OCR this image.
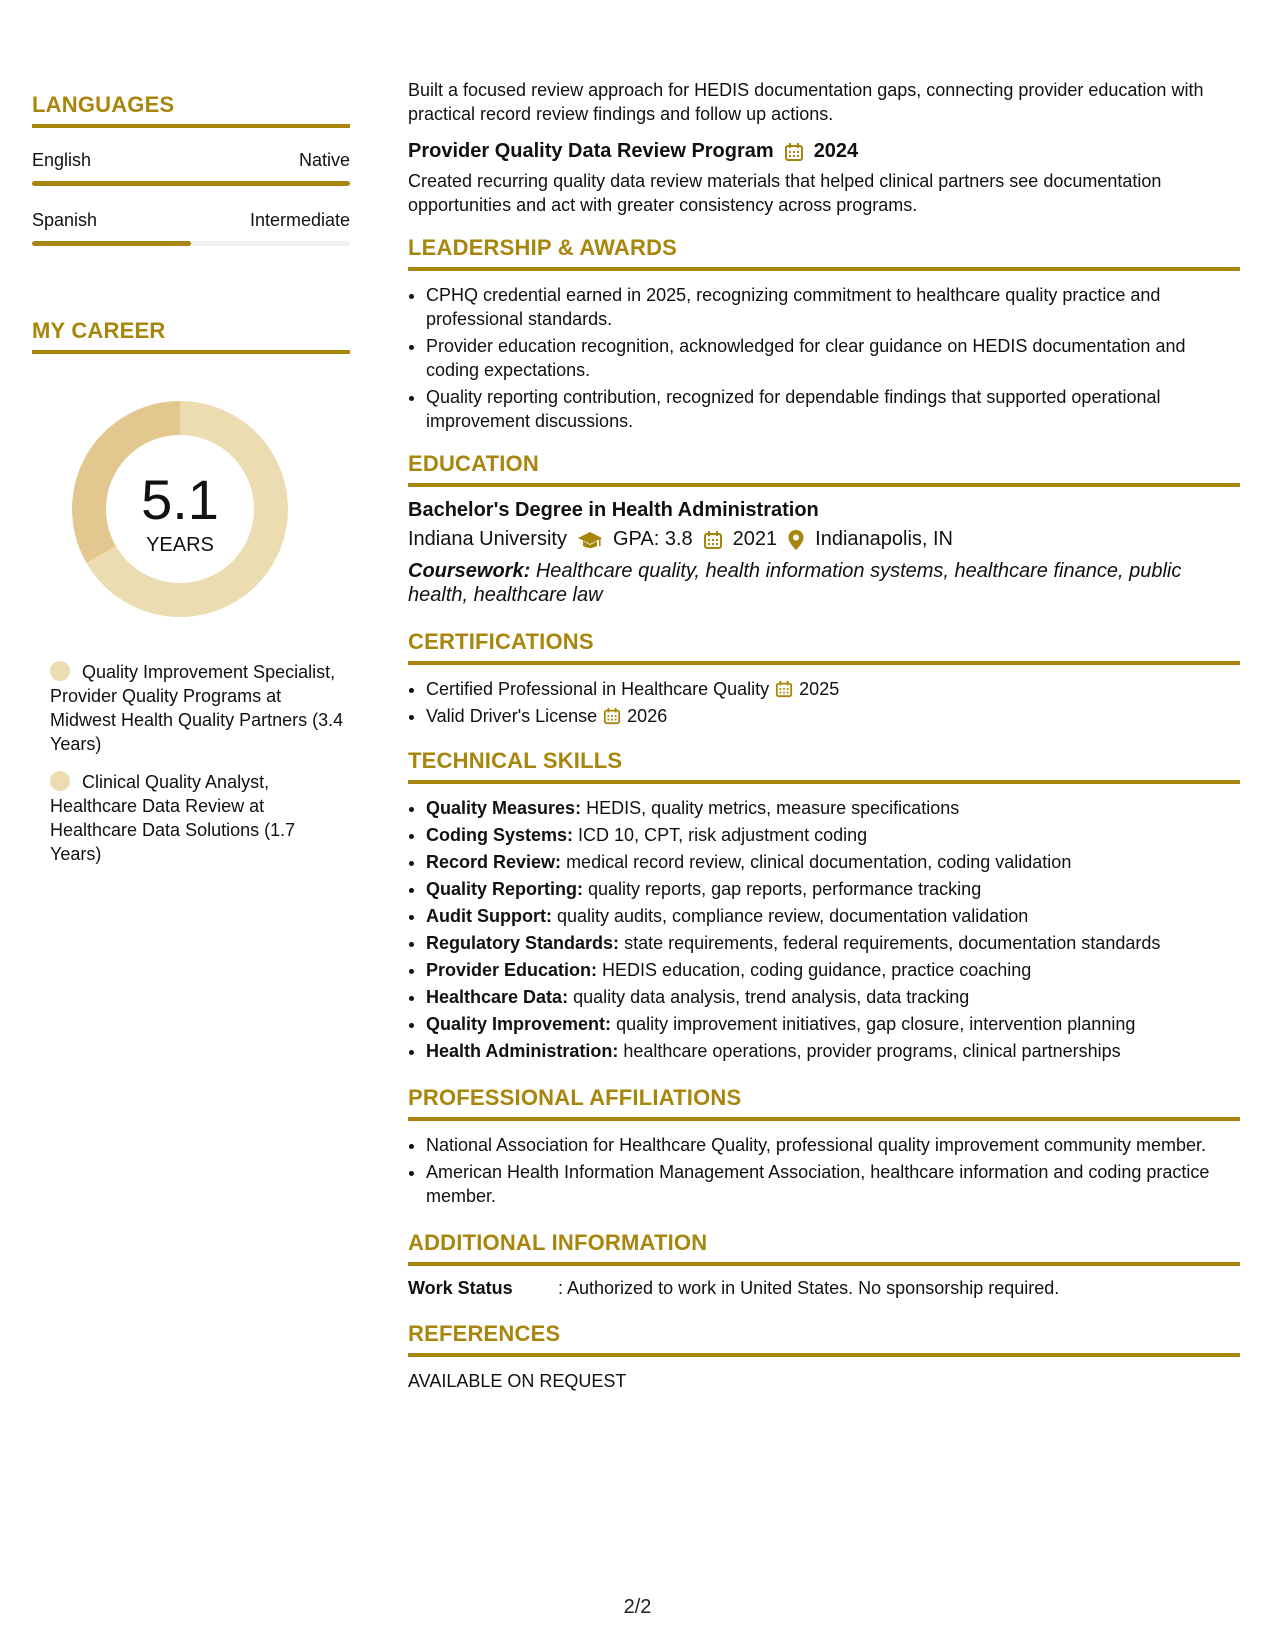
LANGUAGES
English	Native
Spanish	Intermediate
MY CAREER
5.1
YEARS
Quality Improvement Specialist, Provider Quality Programs at Midwest Health Quality Partners (3.4 Years)
Clinical Quality Analyst, Healthcare Data Review at Healthcare Data Solutions (1.7 Years)

Built a focused review approach for HEDIS documentation gaps, connecting provider education with practical record review findings and follow up actions.

Provider Quality Data Review Program 2024

Created recurring quality data review materials that helped clinical partners see documentation opportunities and act with greater consistency across programs.

LEADERSHIP & AWARDS
• CPHQ credential earned in 2025, recognizing commitment to healthcare quality practice and professional standards.
• Provider education recognition, acknowledged for clear guidance on HEDIS documentation and coding expectations.
• Quality reporting contribution, recognized for dependable findings that supported operational improvement discussions.
EDUCATION
Bachelor's Degree in Health Administration
Indiana University GPA: 3.8 2021 Indianapolis, IN
Coursework: Healthcare quality, health information systems, healthcare finance, public health, healthcare law
CERTIFICATIONS
• Certified Professional in Healthcare Quality 2025
• Valid Driver's License 2026
TECHNICAL SKILLS
• Quality Measures: HEDIS, quality metrics, measure specifications
• Coding Systems: ICD 10, CPT, risk adjustment coding
• Record Review: medical record review, clinical documentation, coding validation
• Quality Reporting: quality reports, gap reports, performance tracking
• Audit Support: quality audits, compliance review, documentation validation
• Regulatory Standards: state requirements, federal requirements, documentation standards
• Provider Education: HEDIS education, coding guidance, practice coaching
• Healthcare Data: quality data analysis, trend analysis, data tracking
• Quality Improvement: quality improvement initiatives, gap closure, intervention planning
• Health Administration: healthcare operations, provider programs, clinical partnerships
PROFESSIONAL AFFILIATIONS
• National Association for Healthcare Quality, professional quality improvement community member.
• American Health Information Management Association, healthcare information and coding practice member.
ADDITIONAL INFORMATION
Work Status	: Authorized to work in United States. No sponsorship required.
REFERENCES
AVAILABLE ON REQUEST
2/2
